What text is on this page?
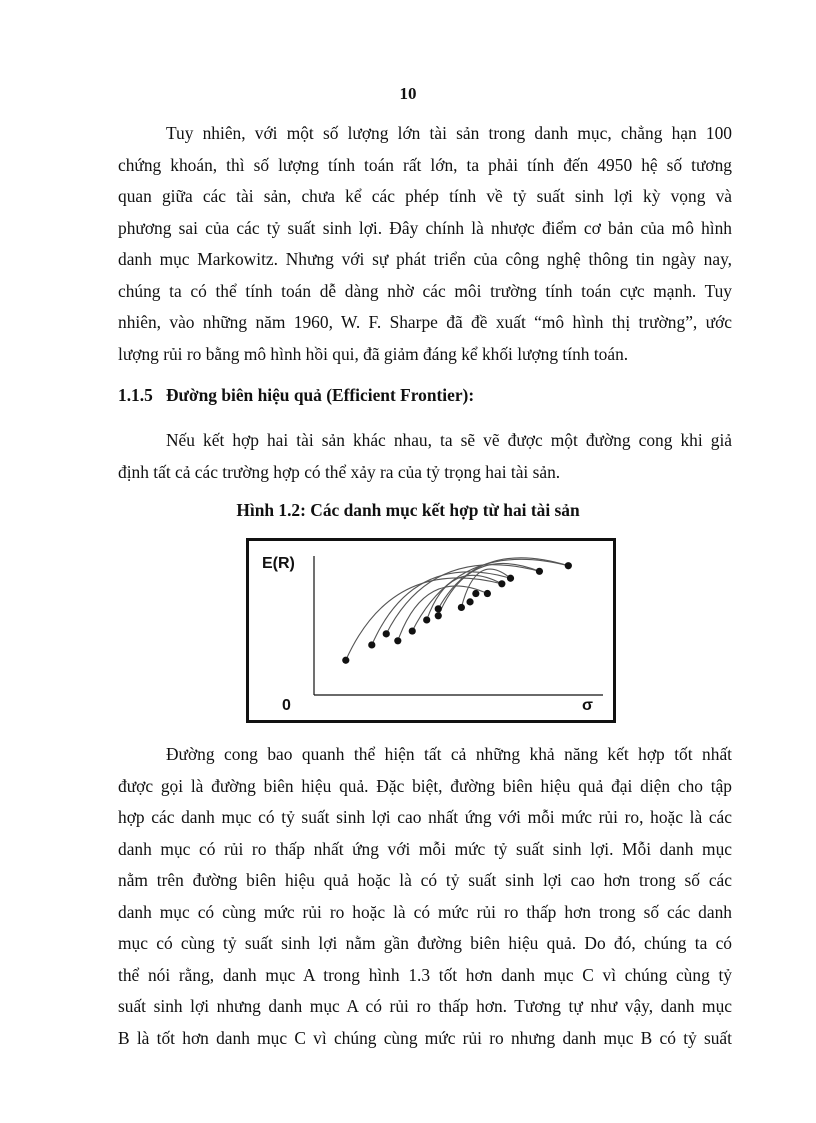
10

Tuy nhiên, với một số lượng lớn tài sản trong danh mục, chẳng hạn 100
chứng khoán, thì số lượng tính toán rất lớn, ta phải tính đến 4950 hệ số tương
quan giữa các tài sản, chưa kể các phép tính về tỷ suất sinh lợi kỳ vọng và
phương sai của các tỷ suất sinh lợi. Đây chính là nhược điểm cơ bản của mô hình
danh mục Markowitz. Nhưng với sự phát triển của công nghệ thông tin ngày nay,
chúng ta có thể tính toán dễ dàng nhờ các môi trường tính toán cực mạnh. Tuy
nhiên, vào những năm 1960, W. F. Sharpe đã đề xuất “mô hình thị trường”, ước
lượng rủi ro bằng mô hình hồi qui, đã giảm đáng kể khối lượng tính toán.

1.1.5 Đường biên hiệu quả (Efficient Frontier):

Nếu kết hợp hai tài sản khác nhau, ta sẽ vẽ được một đường cong khi giả
định tất cả các trường hợp có thể xảy ra của tỷ trọng hai tài sản.

Hình 1.2: Các danh mục kết hợp từ hai tài sản
E(R)
σ
0

Đường cong bao quanh thể hiện tất cả những khả năng kết hợp tốt nhất
được gọi là đường biên hiệu quả. Đặc biệt, đường biên hiệu quả đại diện cho tập
hợp các danh mục có tỷ suất sinh lợi cao nhất ứng với mỗi mức rủi ro, hoặc là các
danh mục có rủi ro thấp nhất ứng với mỗi mức tỷ suất sinh lợi. Mỗi danh mục
nằm trên đường biên hiệu quả hoặc là có tỷ suất sinh lợi cao hơn trong số các
danh mục có cùng mức rủi ro hoặc là có mức rủi ro thấp hơn trong số các danh
mục có cùng tỷ suất sinh lợi nằm gần đường biên hiệu quả. Do đó, chúng ta có
thể nói rằng, danh mục A trong hình 1.3 tốt hơn danh mục C vì chúng cùng tỷ
suất sinh lợi nhưng danh mục A có rủi ro thấp hơn. Tương tự như vậy, danh mục
B là tốt hơn danh mục C vì chúng cùng mức rủi ro nhưng danh mục B có tỷ suất
